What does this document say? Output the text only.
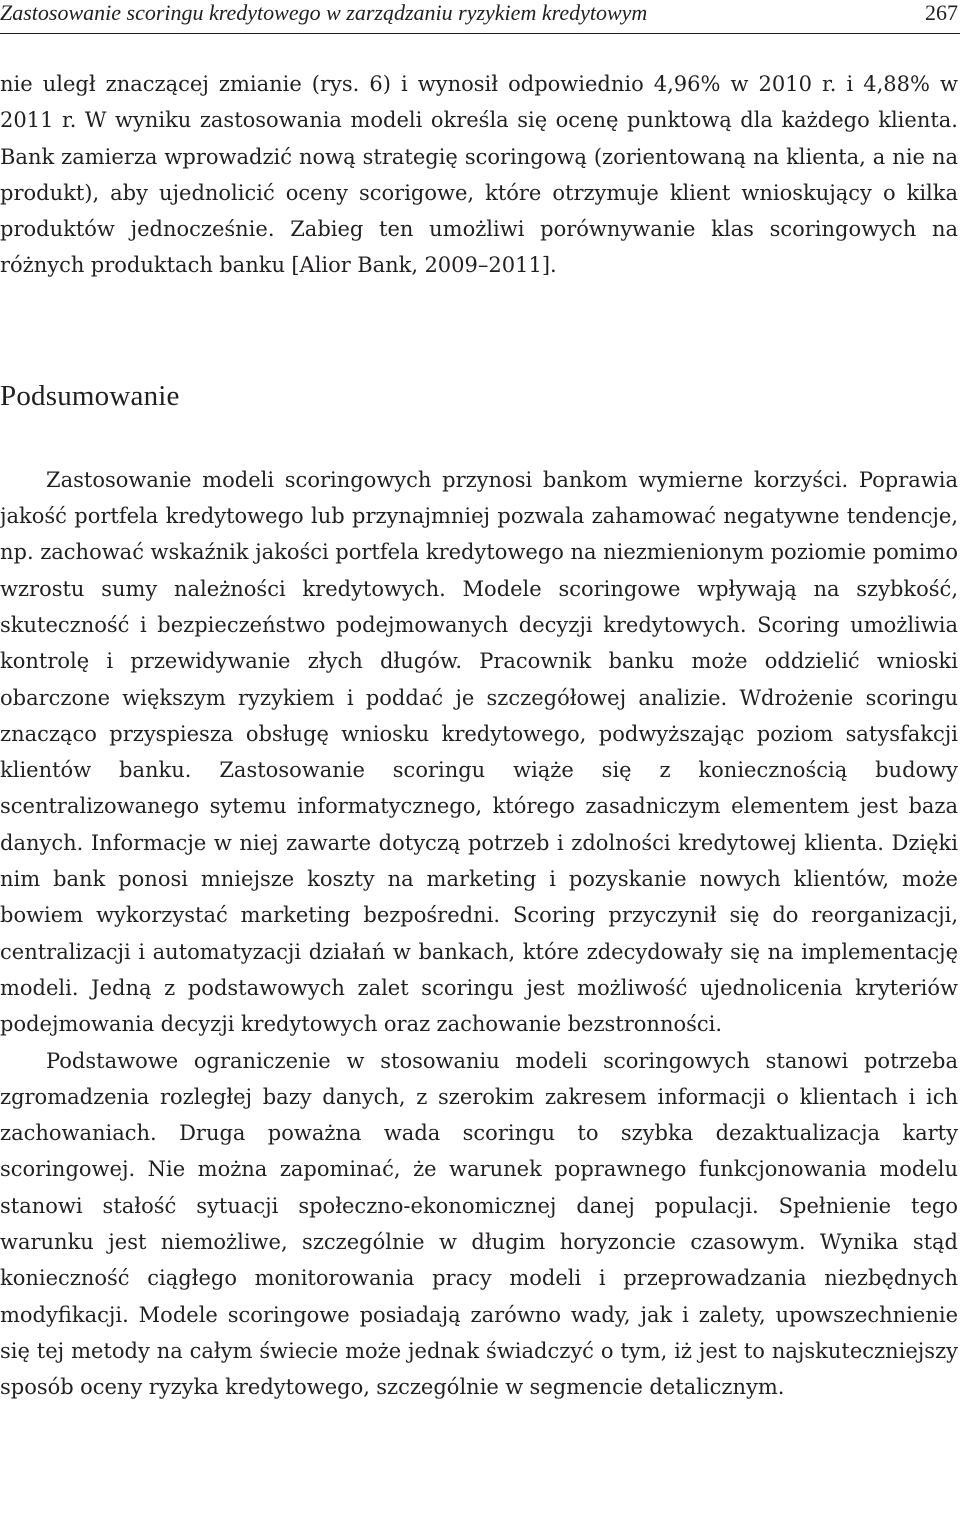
Zastosowanie scoringu kredytowego w zarządzaniu ryzykiem kredytowym	267

nie uległ znaczącej zmianie (rys. 6) i wynosił odpowiednio 4,96% w 2010 r. i 4,88% w 2011 r. W wyniku zastosowania modeli określa się ocenę punktową dla każdego klienta. Bank zamierza wprowadzić nową strategię scoringową (zorientowaną na klienta, a nie na produkt), aby ujednolicić oceny scorigowe, które otrzymuje klient wnioskujący o kilka produktów jednocześnie. Zabieg ten umożliwi porównywanie klas scoringowych na różnych produktach banku [Alior Bank, 2009–2011].

Podsumowanie

Zastosowanie modeli scoringowych przynosi bankom wymierne korzyści. Poprawia jakość portfela kredytowego lub przynajmniej pozwala zahamować negatywne tendencje, np. zachować wskaźnik jakości portfela kredytowego na niezmienionym poziomie pomimo wzrostu sumy należności kredytowych. Modele scoringowe wpływają na szybkość, skuteczność i bezpieczeństwo podejmowanych decyzji kredytowych. Scoring umożliwia kontrolę i przewidywanie złych długów. Pracownik banku może oddzielić wnioski obarczone większym ryzykiem i poddać je szczegółowej analizie. Wdrożenie scoringu znacząco przyspiesza obsługę wniosku kredytowego, podwyższając poziom satysfakcji klientów banku. Zastosowanie scoringu wiąże się z koniecznością budowy scentralizowanego sytemu informatycznego, którego zasadniczym elementem jest baza danych. Informacje w niej zawarte dotyczą potrzeb i zdolności kredytowej klienta. Dzięki nim bank ponosi mniejsze koszty na marketing i pozyskanie nowych klientów, może bowiem wykorzystać marketing bezpośredni. Scoring przyczynił się do reorganizacji, centralizacji i automatyzacji działań w bankach, które zdecydowały się na implementację modeli. Jedną z podstawowych zalet scoringu jest możliwość ujednolicenia kryteriów podejmowania decyzji kredytowych oraz zachowanie bezstronności.

Podstawowe ograniczenie w stosowaniu modeli scoringowych stanowi potrzeba zgromadzenia rozległej bazy danych, z szerokim zakresem informacji o klientach i ich zachowaniach. Druga poważna wada scoringu to szybka dezaktualizacja karty scoringowej. Nie można zapominać, że warunek poprawnego funkcjonowania modelu stanowi stałość sytuacji społeczno-ekonomicznej danej populacji. Spełnienie tego warunku jest niemożliwe, szczególnie w długim horyzoncie czasowym. Wynika stąd konieczność ciągłego monitorowania pracy modeli i przeprowadzania niezbędnych modyfikacji. Modele scoringowe posiadają zarówno wady, jak i zalety, upowszechnienie się tej metody na całym świecie może jednak świadczyć o tym, iż jest to najskuteczniejszy sposób oceny ryzyka kredytowego, szczególnie w segmencie detalicznym.
